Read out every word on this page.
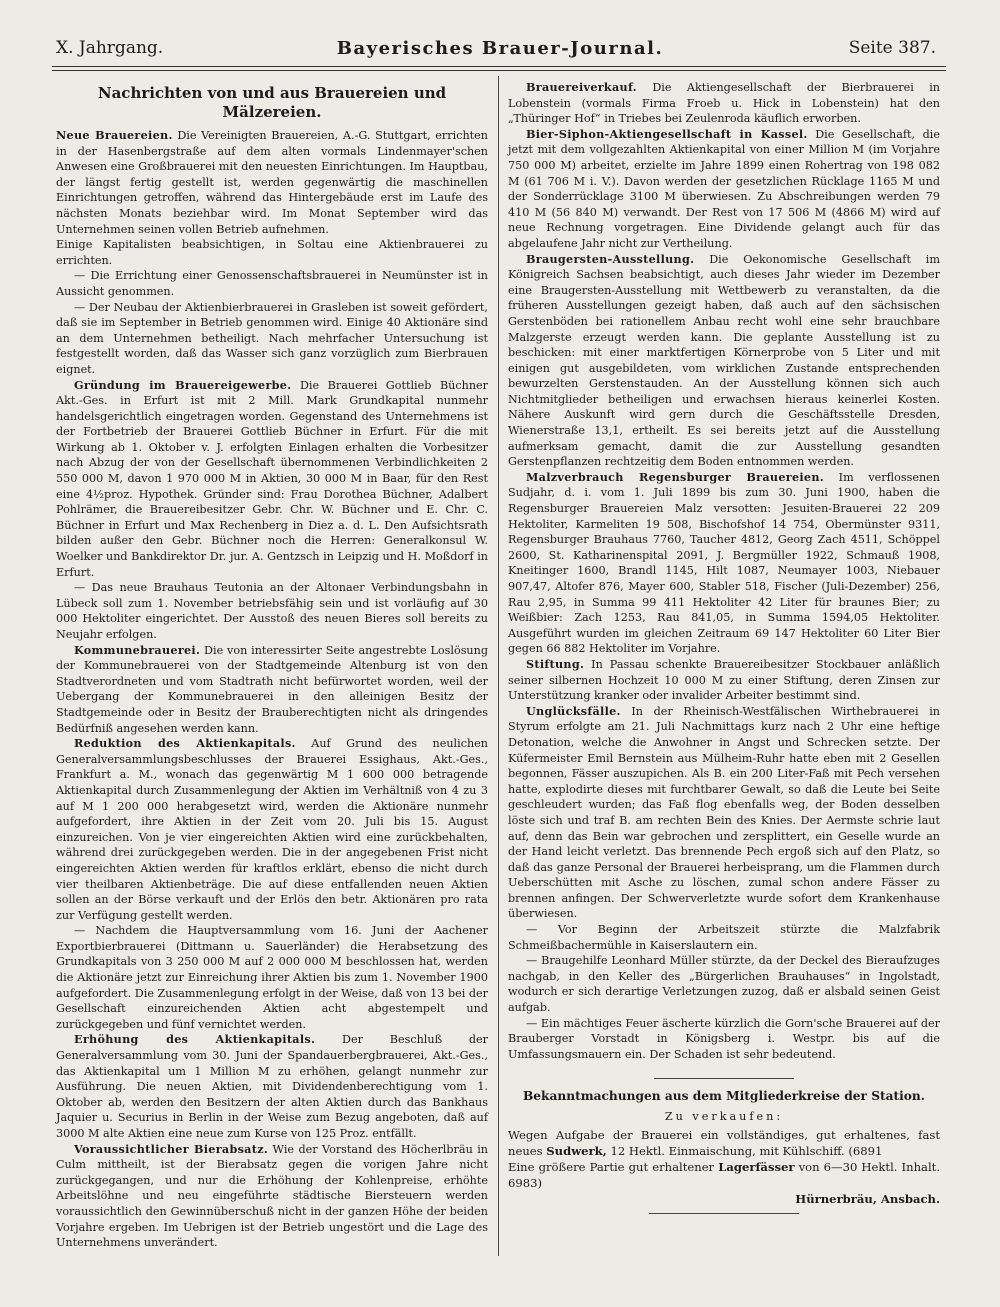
X. Jahrgang.	Bayerisches Brauer-Journal.	Seite 387.
Nachrichten von und aus Brauereien und Mälzereien.

Neue Brauereien. Die Vereinigten Brauereien, A.-G. Stuttgart, errichten in der Hasenbergstraße auf dem alten vormals Lindenmayer'schen Anwesen eine Großbrauerei mit den neuesten Einrichtungen. Im Hauptbau, der längst fertig gestellt ist, werden gegenwärtig die maschinellen Einrichtungen getroffen, während das Hintergebäude erst im Laufe des nächsten Monats beziehbar wird. Im Monat September wird das Unternehmen seinen vollen Betrieb aufnehmen.

Einige Kapitalisten beabsichtigen, in Soltau eine Aktienbrauerei zu errichten.

— Die Errichtung einer Genossenschaftsbrauerei in Neumünster ist in Aussicht genommen.

— Der Neubau der Aktienbierbrauerei in Grasleben ist soweit gefördert, daß sie im September in Betrieb genommen wird. Einige 40 Aktionäre sind an dem Unternehmen betheiligt. Nach mehrfacher Untersuchung ist festgestellt worden, daß das Wasser sich ganz vorzüglich zum Bierbrauen eignet.

Gründung im Brauereigewerbe. Die Brauerei Gottlieb Büchner Akt.-Ges. in Erfurt ist mit 2 Mill. Mark Grundkapital nunmehr handelsgerichtlich eingetragen worden. Gegenstand des Unternehmens ist der Fortbetrieb der Brauerei Gottlieb Büchner in Erfurt. Für die mit Wirkung ab 1. Oktober v. J. erfolgten Einlagen erhalten die Vorbesitzer nach Abzug der von der Gesellschaft übernommenen Verbindlichkeiten 2 550 000 M, davon 1 970 000 M in Aktien, 30 000 M in Baar, für den Rest eine 4½proz. Hypothek. Gründer sind: Frau Dorothea Büchner, Adalbert Pohlrämer, die Brauereibesitzer Gebr. Chr. W. Büchner und E. Chr. C. Büchner in Erfurt und Max Rechenberg in Diez a. d. L. Den Aufsichtsrath bilden außer den Gebr. Büchner noch die Herren: Generalkonsul W. Woelker und Bankdirektor Dr. jur. A. Gentzsch in Leipzig und H. Moßdorf in Erfurt.

— Das neue Brauhaus Teutonia an der Altonaer Verbindungsbahn in Lübeck soll zum 1. November betriebsfähig sein und ist vorläufig auf 30 000 Hektoliter eingerichtet. Der Ausstoß des neuen Bieres soll bereits zu Neujahr erfolgen.

Kommunebrauerei. Die von interessirter Seite angestrebte Loslösung der Kommunebrauerei von der Stadtgemeinde Altenburg ist von den Stadtverordneten und vom Stadtrath nicht befürwortet worden, weil der Uebergang der Kommunebrauerei in den alleinigen Besitz der Stadtgemeinde oder in Besitz der Brauberechtigten nicht als dringendes Bedürfniß angesehen werden kann.

Reduktion des Aktienkapitals. Auf Grund des neulichen Generalversammlungsbeschlusses der Brauerei Essighaus, Akt.-Ges., Frankfurt a. M., wonach das gegenwärtig M 1 600 000 betragende Aktienkapital durch Zusammenlegung der Aktien im Verhältniß von 4 zu 3 auf M 1 200 000 herabgesetzt wird, werden die Aktionäre nunmehr aufgefordert, ihre Aktien in der Zeit vom 20. Juli bis 15. August einzureichen. Von je vier eingereichten Aktien wird eine zurückbehalten, während drei zurückgegeben werden. Die in der angegebenen Frist nicht eingereichten Aktien werden für kraftlos erklärt, ebenso die nicht durch vier theilbaren Aktienbeträge. Die auf diese entfallenden neuen Aktien sollen an der Börse verkauft und der Erlös den betr. Aktionären pro rata zur Verfügung gestellt werden.

— Nachdem die Hauptversammlung vom 16. Juni der Aachener Exportbierbrauerei (Dittmann u. Sauerländer) die Herabsetzung des Grundkapitals von 3 250 000 M auf 2 000 000 M beschlossen hat, werden die Aktionäre jetzt zur Einreichung ihrer Aktien bis zum 1. November 1900 aufgefordert. Die Zusammenlegung erfolgt in der Weise, daß von 13 bei der Gesellschaft einzureichenden Aktien acht abgestempelt und zurückgegeben und fünf vernichtet werden.

Erhöhung des Aktienkapitals. Der Beschluß der Generalversammlung vom 30. Juni der Spandauerbergbrauerei, Akt.-Ges., das Aktienkapital um 1 Million M zu erhöhen, gelangt nunmehr zur Ausführung. Die neuen Aktien, mit Dividendenberechtigung vom 1. Oktober ab, werden den Besitzern der alten Aktien durch das Bankhaus Jaquier u. Securius in Berlin in der Weise zum Bezug angeboten, daß auf 3000 M alte Aktien eine neue zum Kurse von 125 Proz. entfällt.

Voraussichtlicher Bierabsatz. Wie der Vorstand des Höcherlbräu in Culm mittheilt, ist der Bierabsatz gegen die vorigen Jahre nicht zurückgegangen, und nur die Erhöhung der Kohlenpreise, erhöhte Arbeitslöhne und neu eingeführte städtische Biersteuern werden voraussichtlich den Gewinnüberschuß nicht in der ganzen Höhe der beiden Vorjahre ergeben. Im Uebrigen ist der Betrieb ungestört und die Lage des Unternehmens unverändert.

Brauereiverkauf. Die Aktiengesellschaft der Bierbrauerei in Lobenstein (vormals Firma Froeb u. Hick in Lobenstein) hat den „Thüringer Hof“ in Triebes bei Zeulenroda käuflich erworben.

Bier-Siphon-Aktiengesellschaft in Kassel. Die Gesellschaft, die jetzt mit dem vollgezahlten Aktienkapital von einer Million M (im Vorjahre 750 000 M) arbeitet, erzielte im Jahre 1899 einen Rohertrag von 198 082 M (61 706 M i. V.). Davon werden der gesetzlichen Rücklage 1165 M und der Sonderrücklage 3100 M überwiesen. Zu Abschreibungen werden 79 410 M (56 840 M) verwandt. Der Rest von 17 506 M (4866 M) wird auf neue Rechnung vorgetragen. Eine Dividende gelangt auch für das abgelaufene Jahr nicht zur Vertheilung.

Braugersten-Ausstellung. Die Oekonomische Gesellschaft im Königreich Sachsen beabsichtigt, auch dieses Jahr wieder im Dezember eine Braugersten-Ausstellung mit Wettbewerb zu veranstalten, da die früheren Ausstellungen gezeigt haben, daß auch auf den sächsischen Gerstenböden bei rationellem Anbau recht wohl eine sehr brauchbare Malzgerste erzeugt werden kann. Die geplante Ausstellung ist zu beschicken: mit einer marktfertigen Körnerprobe von 5 Liter und mit einigen gut ausgebildeten, vom wirklichen Zustande entsprechenden bewurzelten Gerstenstauden. An der Ausstellung können sich auch Nichtmitglieder betheiligen und erwachsen hieraus keinerlei Kosten. Nähere Auskunft wird gern durch die Geschäftsstelle Dresden, Wienerstraße 13,1, ertheilt. Es sei bereits jetzt auf die Ausstellung aufmerksam gemacht, damit die zur Ausstellung gesandten Gerstenpflanzen rechtzeitig dem Boden entnommen werden.

Malzverbrauch Regensburger Brauereien. Im verflossenen Sudjahr, d. i. vom 1. Juli 1899 bis zum 30. Juni 1900, haben die Regensburger Brauereien Malz versotten: Jesuiten-Brauerei 22 209 Hektoliter, Karmeliten 19 508, Bischofshof 14 754, Obermünster 9311, Regensburger Brauhaus 7760, Taucher 4812, Georg Zach 4511, Schöppel 2600, St. Katharinenspital 2091, J. Bergmüller 1922, Schmauß 1908, Kneitinger 1600, Brandl 1145, Hilt 1087, Neumayer 1003, Niebauer 907,47, Altofer 876, Mayer 600, Stabler 518, Fischer (Juli-Dezember) 256, Rau 2,95, in Summa 99 411 Hektoliter 42 Liter für braunes Bier; zu Weißbier: Zach 1253, Rau 841,05, in Summa 1594,05 Hektoliter. Ausgeführt wurden im gleichen Zeitraum 69 147 Hektoliter 60 Liter Bier gegen 66 882 Hektoliter im Vorjahre.

Stiftung. In Passau schenkte Brauereibesitzer Stockbauer anläßlich seiner silbernen Hochzeit 10 000 M zu einer Stiftung, deren Zinsen zur Unterstützung kranker oder invalider Arbeiter bestimmt sind.

Unglücksfälle. In der Rheinisch-Westfälischen Wirthebrauerei in Styrum erfolgte am 21. Juli Nachmittags kurz nach 2 Uhr eine heftige Detonation, welche die Anwohner in Angst und Schrecken setzte. Der Küfermeister Emil Bernstein aus Mülheim-Ruhr hatte eben mit 2 Gesellen begonnen, Fässer auszupichen. Als B. ein 200 Liter-Faß mit Pech versehen hatte, explodirte dieses mit furchtbarer Gewalt, so daß die Leute bei Seite geschleudert wurden; das Faß flog ebenfalls weg, der Boden desselben löste sich und traf B. am rechten Bein des Knies. Der Aermste schrie laut auf, denn das Bein war gebrochen und zersplittert, ein Geselle wurde an der Hand leicht verletzt. Das brennende Pech ergoß sich auf den Platz, so daß das ganze Personal der Brauerei herbeisprang, um die Flammen durch Ueberschütten mit Asche zu löschen, zumal schon andere Fässer zu brennen anfingen. Der Schwerverletzte wurde sofort dem Krankenhause überwiesen.

— Vor Beginn der Arbeitszeit stürzte die Malzfabrik Schmeißbachermühle in Kaiserslautern ein.

— Braugehilfe Leonhard Müller stürzte, da der Deckel des Bieraufzuges nachgab, in den Keller des „Bürgerlichen Brauhauses“ in Ingolstadt, wodurch er sich derartige Verletzungen zuzog, daß er alsbald seinen Geist aufgab.

— Ein mächtiges Feuer äscherte kürzlich die Gorn'sche Brauerei auf der Brauberger Vorstadt in Königsberg i. Westpr. bis auf die Umfassungsmauern ein. Der Schaden ist sehr bedeutend.

Bekanntmachungen aus dem Mitgliederkreise der Station.
Zu verkaufen:
Wegen Aufgabe der Brauerei ein vollständiges, gut erhaltenes, fast neues Sudwerk, 12 Hektl. Einmaischung, mit Kühlschiff. (6891
Eine größere Partie gut erhaltener Lagerfässer von 6—30 Hektl. Inhalt. 6983)
Hürnerbräu, Ansbach.
